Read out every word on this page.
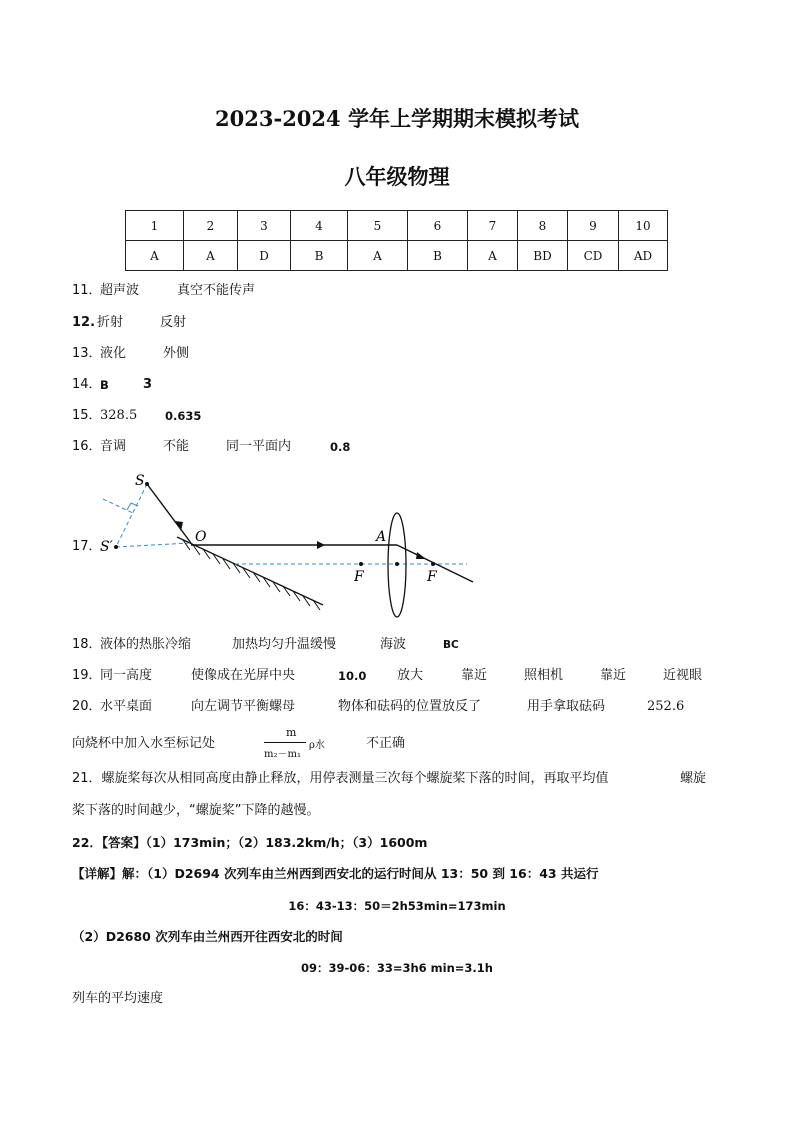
2023-2024 学年上学期期末模拟考试
八年级物理
1	2	3	4	5	6	7	8	9	10
A	A	D	B	A	B	A	BD	CD	AD
11．
超声波	真空不能传声
12. 折射	反射
13．
液化	外侧
14．
B	3
15．
328.5 0.635
16．
音调	不能	同一平面内	0.8
17．
S
S′
O	A
F	F
18．
液体的热胀冷缩	加热均匀升温缓慢	海波	BC
19．
同一高度	使像成在光屏中央	10.0 放大	靠近	照相机	靠近	近视眼
20．
水平桌面	向左调节平衡螺母	物体和砝码的位置放反了	用手拿取砝码	252.6
向烧杯中加入水至标记处
m
m₂－m₁
ρ水	不正确
21．螺旋桨每次从相同高度由静止释放，用停表测量三次每个螺旋桨下落的时间，再取平均值	螺旋
桨下落的时间越少，“螺旋桨”下降的越慢。
22．【答案】（1）173min；（2）183.2km/h；（3）1600m
【详解】解：（1）D2694 次列车由兰州西到西安北的运行时间从 13：50 到 16：43 共运行
16：43-13：50＝2h53min=173min
（2）D2680 次列车由兰州西开往西安北的时间
09：39-06：33=3h6 min=3.1h
列车的平均速度
